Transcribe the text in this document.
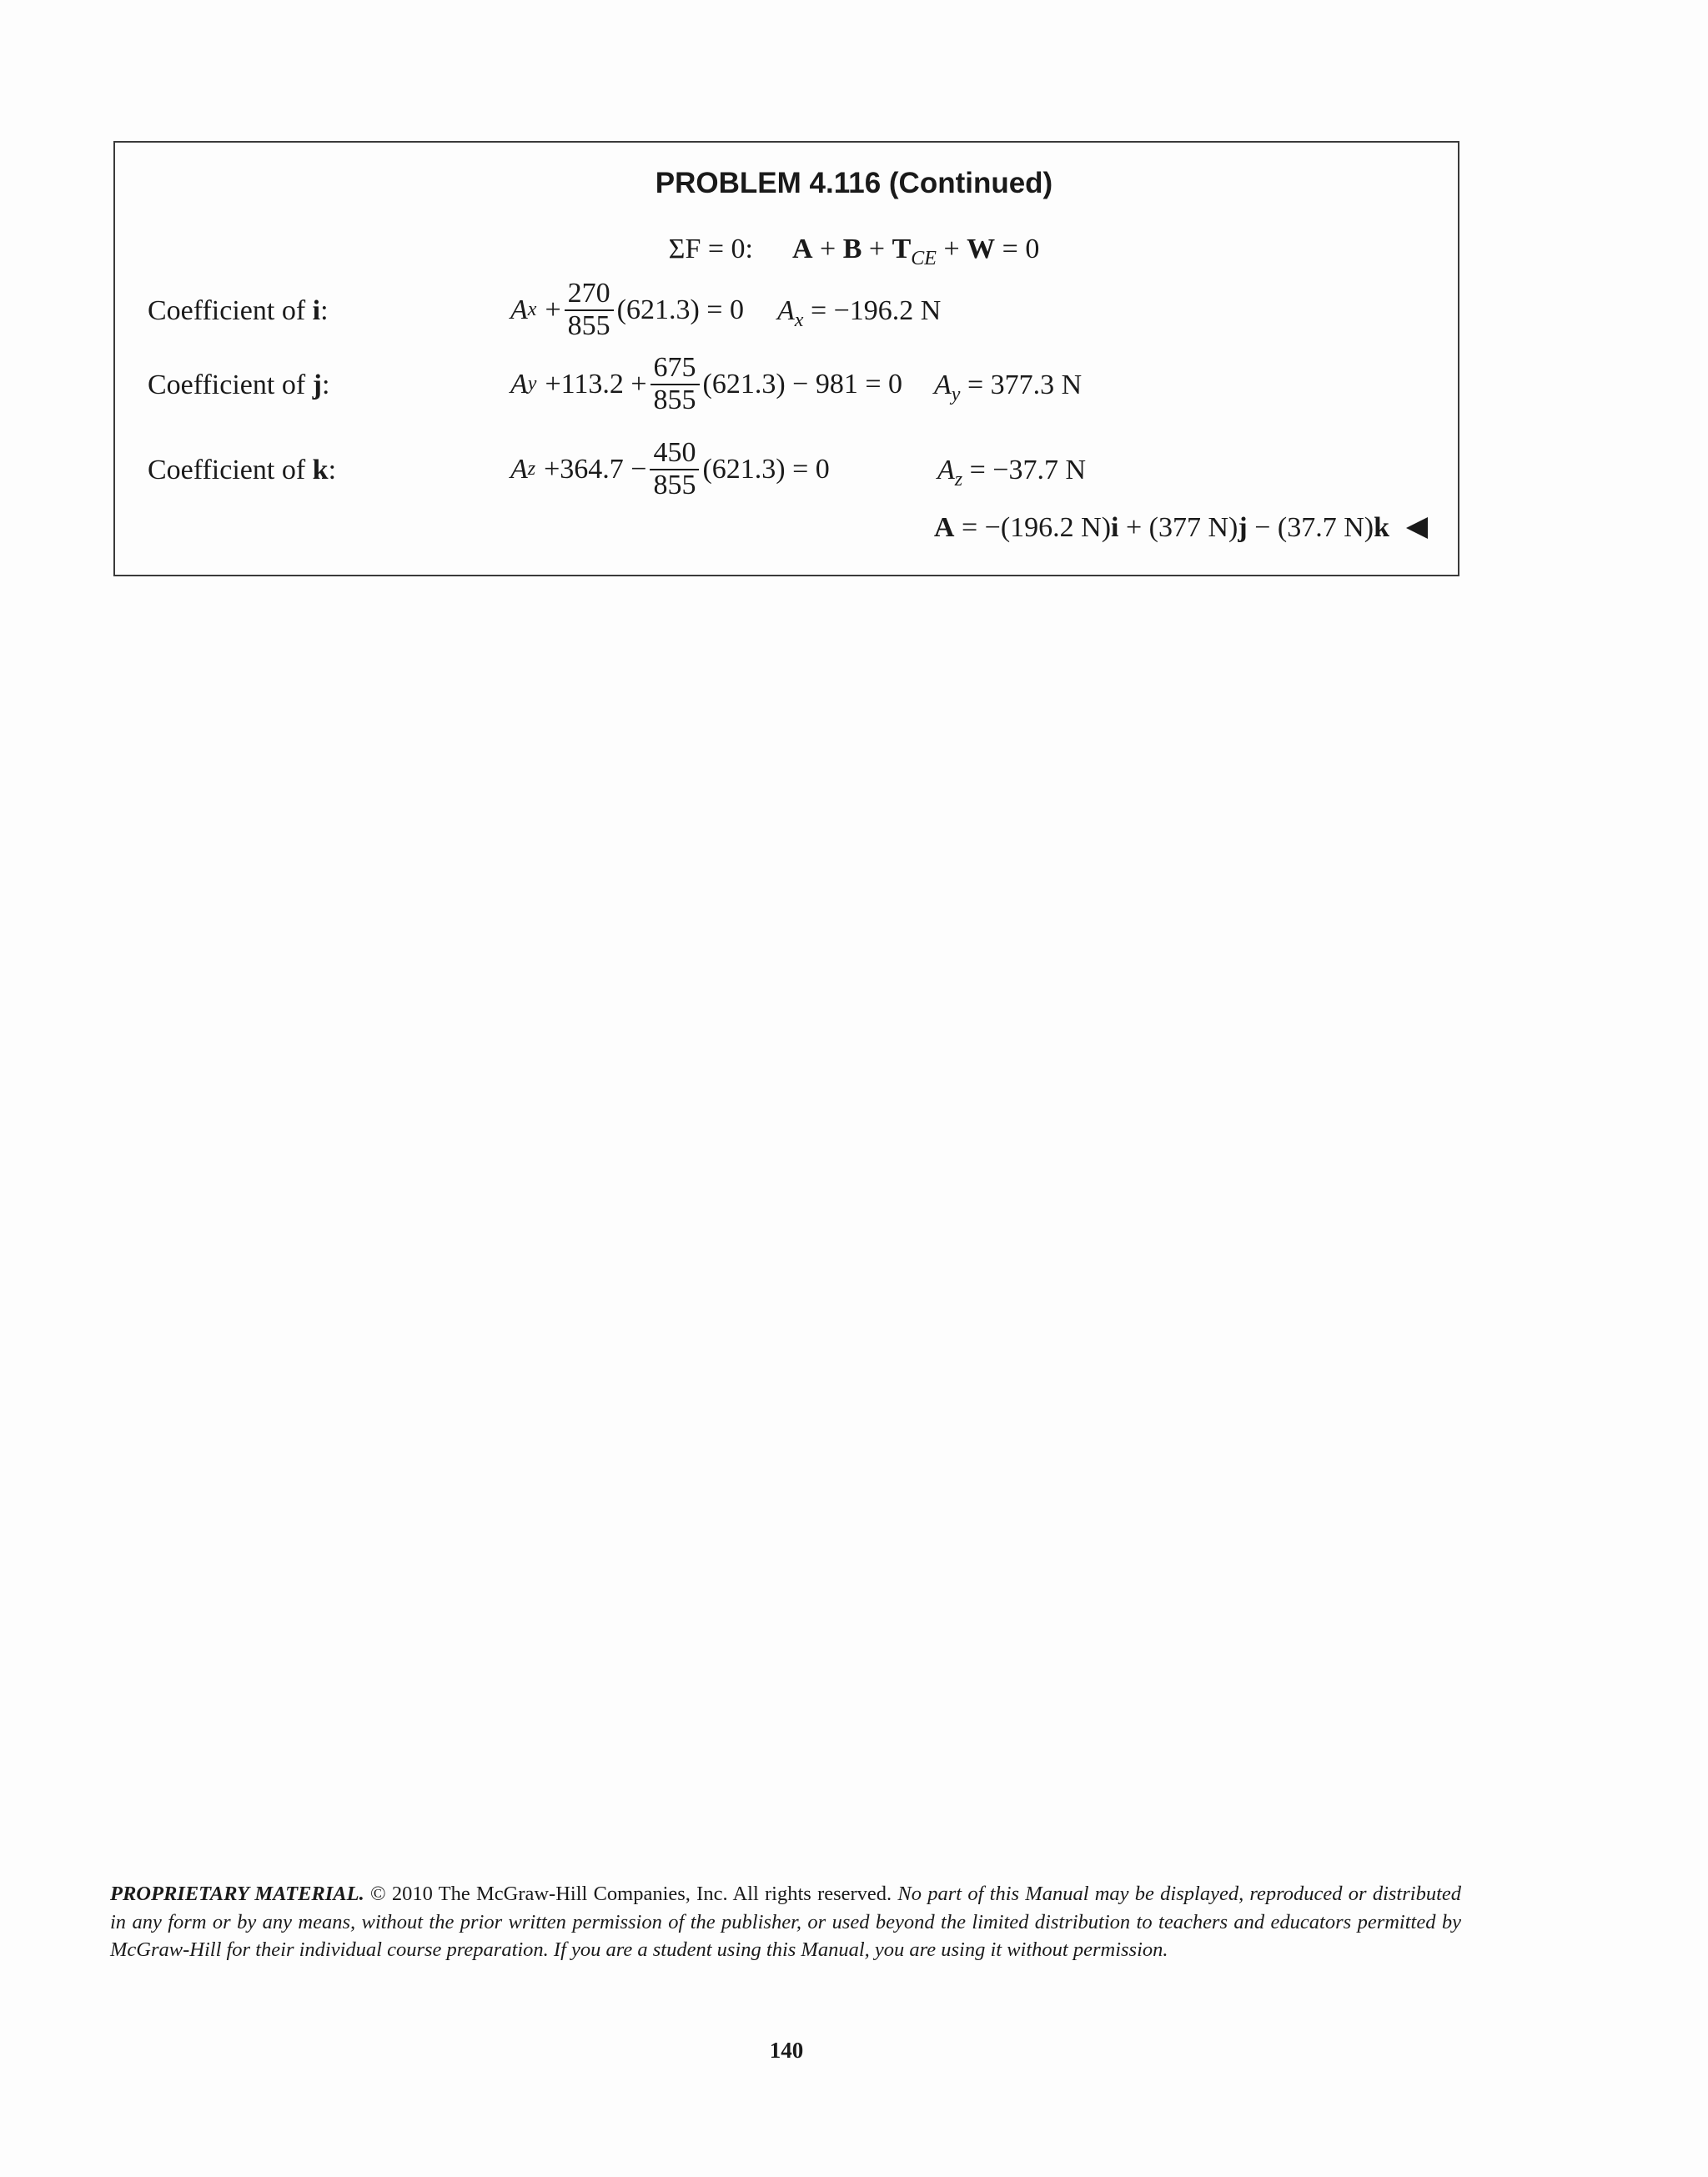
PROBLEM 4.116 (Continued)
ΣF = 0: $A + B + T_{CE} + W = 0$
Coefficient of i:	A $x + \frac{270}{855} (621.3) = 0$ $A_x = -196.2$ N
Coefficient of j:	A $y +113.2 + \frac{675}{855} (621.3) - 981 = 0$ $A_y = 377.3$ N
Coefficient of k:	A $z +364.7 - \frac{450}{855} (621.3) = 0$	$A_z = -37.7$ N
A = −(196.2 N)i + (377 N)j − (37.7 N)k
PROPRIETARY MATERIAL. © 2010 The McGraw-Hill Companies, Inc. All rights reserved. No part of this Manual may be displayed, reproduced or distributed in any form or by any means, without the prior written permission of the publisher, or used beyond the limited distribution to teachers and educators permitted by McGraw-Hill for their individual course preparation. If you are a student using this Manual, you are using it without permission.
140
